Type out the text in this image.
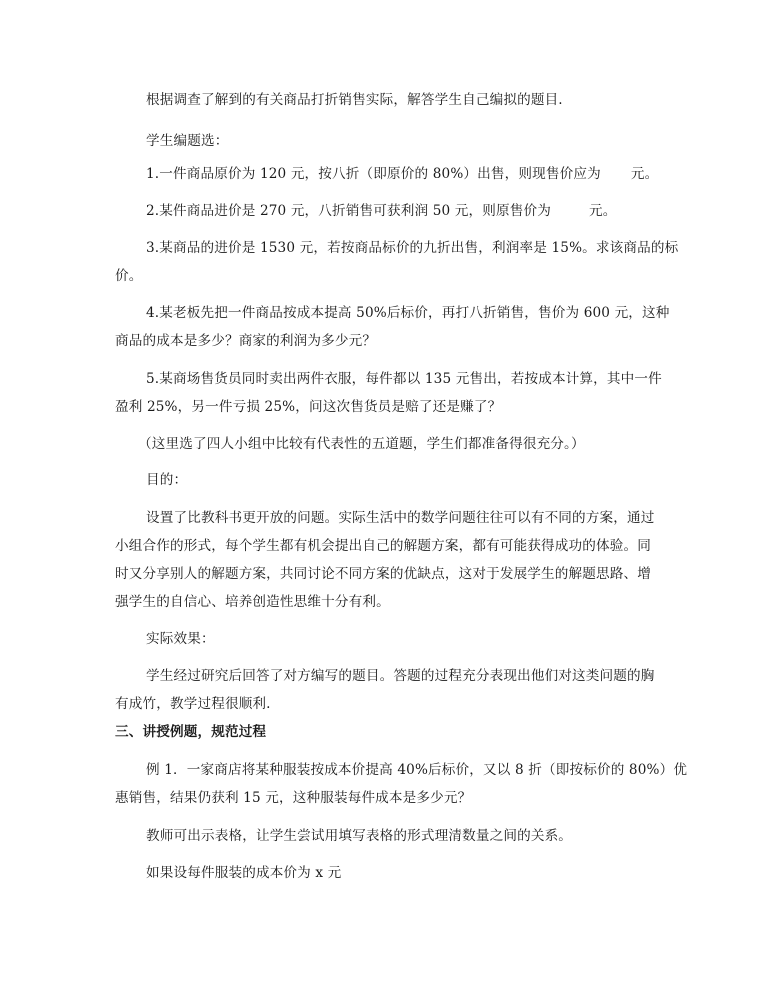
根据调查了解到的有关商品打折销售实际，解答学生自己编拟的题目.
学生编题选：
1.一件商品原价为 120 元，按八折（即原价的 80%）出售，则现售价应为 元。
2.某件商品进价是 270 元，八折销售可获利润 50 元，则原售价为	元。
3.某商品的进价是 1530 元，若按商品标价的九折出售，利润率是 15%。求该商品的标
价。
4.某老板先把一件商品按成本提高 50%后标价，再打八折销售，售价为 600 元，这种
商品的成本是多少？商家的利润为多少元？
5.某商场售货员同时卖出两件衣服，每件都以 135 元售出，若按成本计算，其中一件
盈利 25%，另一件亏损 25%，问这次售货员是赔了还是赚了？
（这里选了四人小组中比较有代表性的五道题，学生们都准备得很充分。）
目的：
设置了比教科书更开放的问题。实际生活中的数学问题往往可以有不同的方案，通过
小组合作的形式，每个学生都有机会提出自己的解题方案，都有可能获得成功的体验。同
时又分享别人的解题方案，共同讨论不同方案的优缺点，这对于发展学生的解题思路、增
强学生的自信心、培养创造性思维十分有利。
实际效果：
学生经过研究后回答了对方编写的题目。答题的过程充分表现出他们对这类问题的胸
有成竹，教学过程很顺利.
三、讲授例题，规范过程
例 1．一家商店将某种服装按成本价提高 40%后标价，又以 8 折（即按标价的 80%）优
惠销售，结果仍获利 15 元，这种服装每件成本是多少元？
教师可出示表格，让学生尝试用填写表格的形式理清数量之间的关系。
如果设每件服装的成本价为 x 元
